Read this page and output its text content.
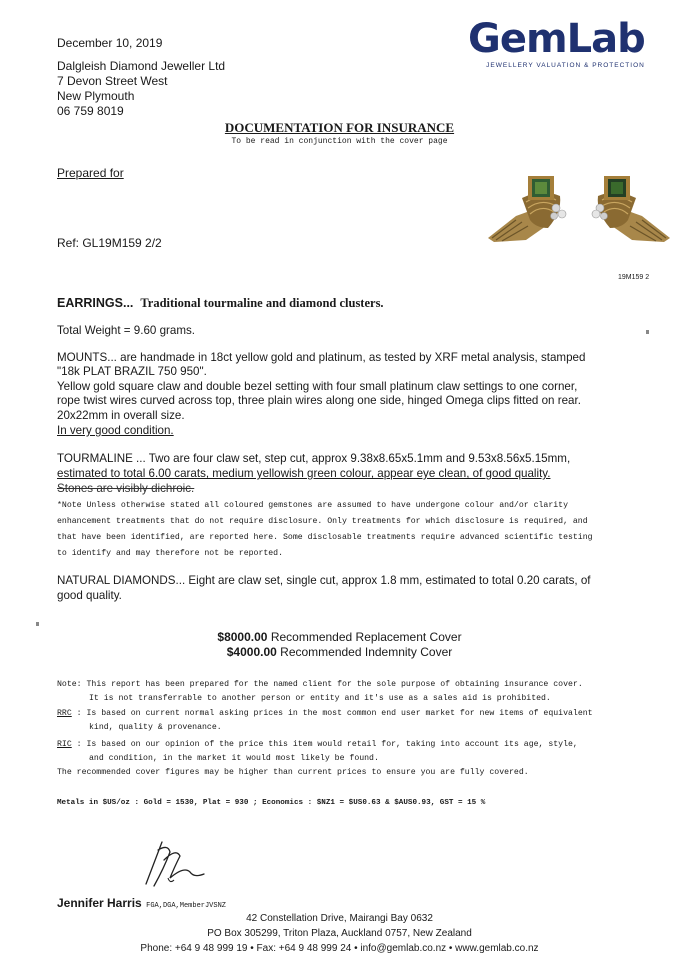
December 10, 2019
Dalgleish Diamond Jeweller Ltd
7 Devon Street West
New Plymouth
06 759 8019
GemLab
JEWELLERY VALUATION & PROTECTION
DOCUMENTATION FOR INSURANCE
To be read in conjunction with the cover page
Prepared for
Ref: GL19M159 2/2
19M159 2
EARRINGS... Traditional tourmaline and diamond clusters.
Total Weight = 9.60 grams.
MOUNTS... are handmade in 18ct yellow gold and platinum, as tested by XRF metal analysis, stamped
"18k PLAT BRAZIL 750 950".
Yellow gold square claw and double bezel setting with four small platinum claw settings to one corner,
rope twist wires curved across top, three plain wires along one side, hinged Omega clips fitted on rear.
20x22mm in overall size.
In very good condition.
TOURMALINE ... Two are four claw set, step cut, approx 9.38x8.65x5.1mm and 9.53x8.56x5.15mm,
estimated to total 6.00 carats, medium yellowish green colour, appear eye clean, of good quality.
Stones are visibly dichroic.
*Note Unless otherwise stated all coloured gemstones are assumed to have undergone colour and/or clarity
enhancement treatments that do not require disclosure. Only treatments for which disclosure is required, and
that have been identified, are reported here. Some disclosable treatments require advanced scientific testing
to identify and may therefore not be reported.
NATURAL DIAMONDS... Eight are claw set, single cut, approx 1.8 mm, estimated to total 0.20 carats, of
good quality.
$8000.00 Recommended Replacement Cover
$4000.00 Recommended Indemnity Cover
Note: This report has been prepared for the named client for the sole purpose of obtaining insurance cover.
It is not transferrable to another person or entity and it's use as a sales aid is prohibited.
RRC : Is based on current normal asking prices in the most common end user market for new items of equivalent
kind, quality & provenance.
RIC : Is based on our opinion of the price this item would retail for, taking into account its age, style,
and condition, in the market it would most likely be found.
The recommended cover figures may be higher than current prices to ensure you are fully covered.
Metals in $US/oz : Gold = 1530, Plat = 930 ; Economics : $NZ1 = $US0.63 & $AUS0.93, GST = 15 %
Jennifer Harris FGA,DGA,MemberJVSNZ
42 Constellation Drive, Mairangi Bay 0632
PO Box 305299, Triton Plaza, Auckland 0757, New Zealand
Phone: +64 9 48 999 19 • Fax: +64 9 48 999 24 • info@gemlab.co.nz • www.gemlab.co.nz
